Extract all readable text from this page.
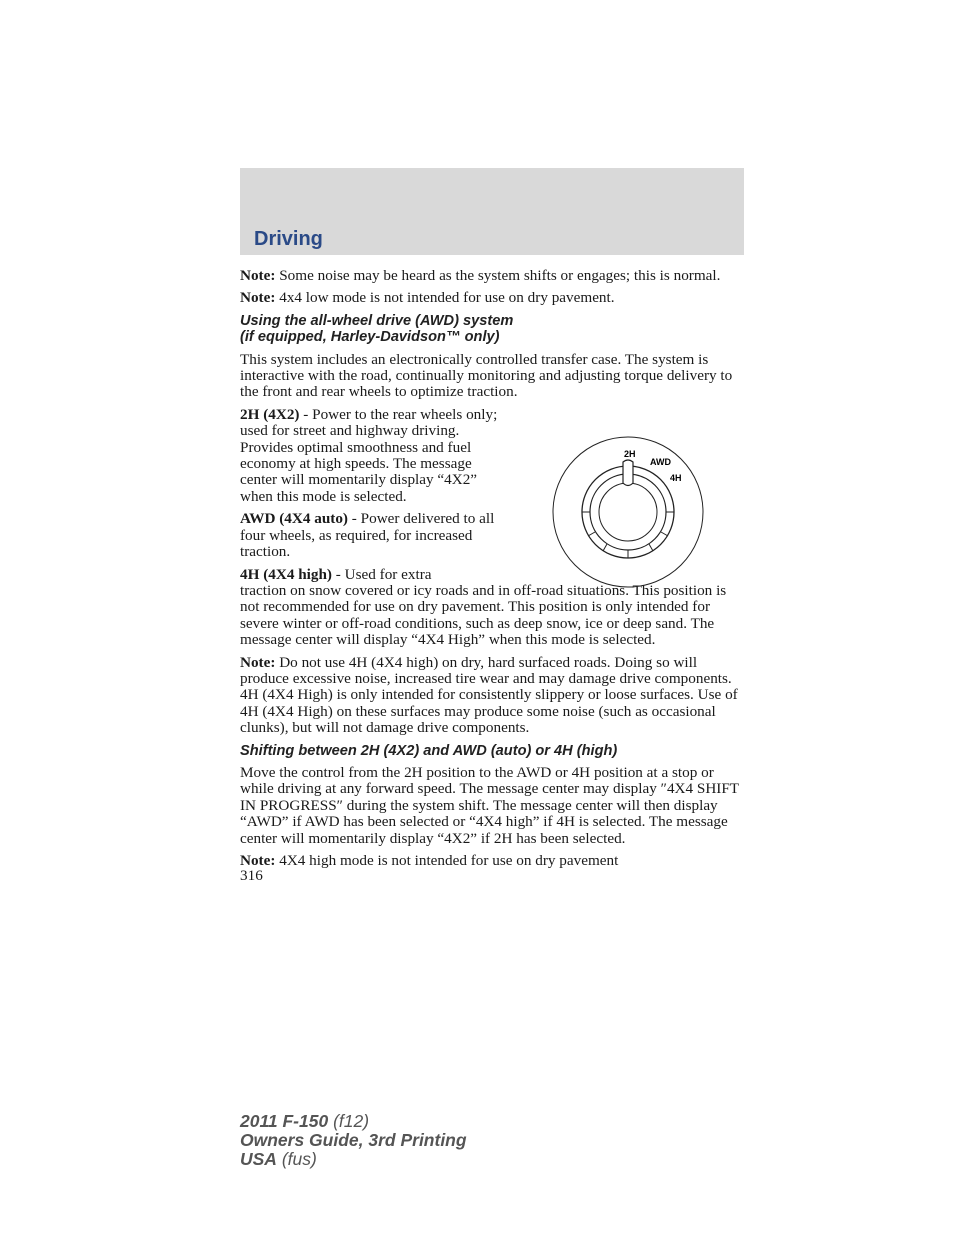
Driving

Note: Some noise may be heard as the system shifts or engages; this is normal.

Note: 4x4 low mode is not intended for use on dry pavement.

Using the all-wheel drive (AWD) system
(if equipped, Harley-Davidson™ only)

This system includes an electronically controlled transfer case. The system is interactive with the road, continually monitoring and adjusting torque delivery to the front and rear wheels to optimize traction.

2H (4X2) - Power to the rear wheels only; used for street and highway driving. Provides optimal smoothness and fuel economy at high speeds. The message center will momentarily display “4X2” when this mode is selected.

AWD (4X4 auto) - Power delivered to all four wheels, as required, for increased traction.

4H (4X4 high) - Used for extra
traction on snow covered or icy roads and in off-road situations. This position is not recommended for use on dry pavement. This position is only intended for severe winter or off-road conditions, such as deep snow, ice or deep sand. The message center will display “4X4 High” when this mode is selected.

Note: Do not use 4H (4X4 high) on dry, hard surfaced roads. Doing so will produce excessive noise, increased tire wear and may damage drive components. 4H (4X4 High) is only intended for consistently slippery or loose surfaces. Use of 4H (4X4 High) on these surfaces may produce some noise (such as occasional clunks), but will not damage drive components.

Shifting between 2H (4X2) and AWD (auto) or 4H (high)

Move the control from the 2H position to the AWD or 4H position at a stop or while driving at any forward speed. The message center may display ″4X4 SHIFT IN PROGRESS″ during the system shift. The message center will then display “AWD” if AWD has been selected or “4X4 high” if 4H is selected. The message center will momentarily display “4X2” if 2H has been selected.

Note: 4X4 high mode is not intended for use on dry pavement

316
2H
AWD
4H
2011 F-150 (f12)
Owners Guide, 3rd Printing
USA (fus)
